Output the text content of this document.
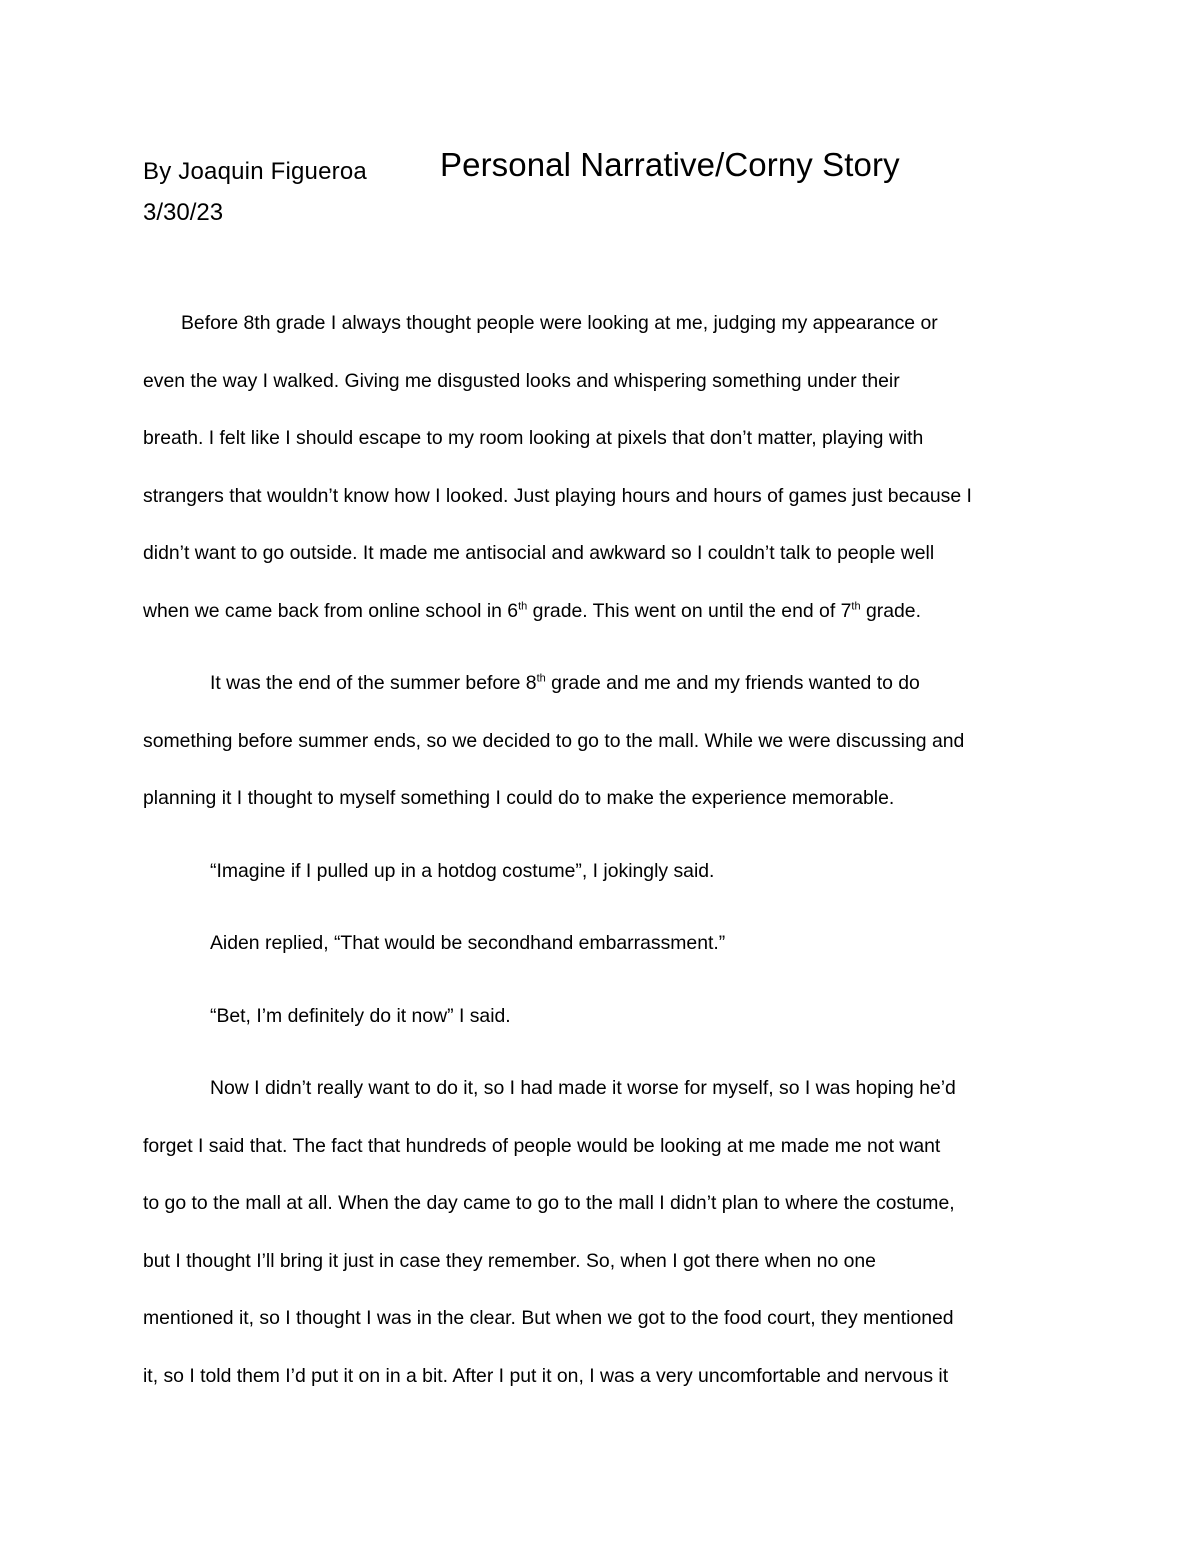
By Joaquin Figueroa Personal Narrative/Corny Story
3/30/23
Before 8th grade I always thought people were looking at me, judging my appearance or
even the way I walked. Giving me disgusted looks and whispering something under their
breath. I felt like I should escape to my room looking at pixels that don’t matter, playing with
strangers that wouldn’t know how I looked. Just playing hours and hours of games just because I
didn’t want to go outside. It made me antisocial and awkward so I couldn’t talk to people well
when we came back from online school in 6th grade. This went on until the end of 7th grade.
It was the end of the summer before 8th grade and me and my friends wanted to do
something before summer ends, so we decided to go to the mall. While we were discussing and
planning it I thought to myself something I could do to make the experience memorable.
“Imagine if I pulled up in a hotdog costume”, I jokingly said.
Aiden replied, “That would be secondhand embarrassment.”
“Bet, I’m definitely do it now” I said.
Now I didn’t really want to do it, so I had made it worse for myself, so I was hoping he’d
forget I said that. The fact that hundreds of people would be looking at me made me not want
to go to the mall at all. When the day came to go to the mall I didn’t plan to where the costume,
but I thought I’ll bring it just in case they remember. So, when I got there when no one
mentioned it, so I thought I was in the clear. But when we got to the food court, they mentioned
it, so I told them I’d put it on in a bit. After I put it on, I was a very uncomfortable and nervous it
